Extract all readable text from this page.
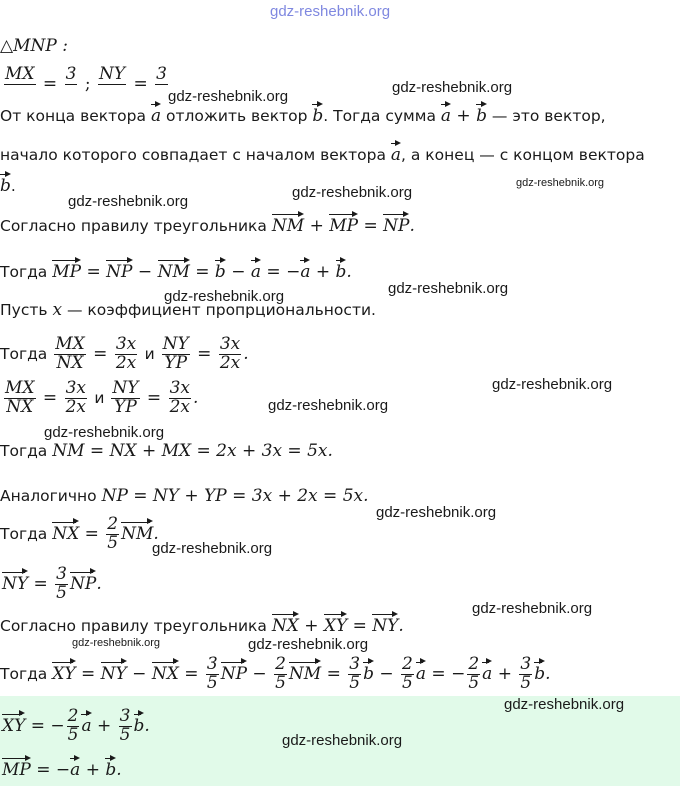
gdz-reshebnik.org
△MNP :
MX = 3 ; NY = 3
От конца вектора a отложить вектор b. Тогда сумма a + b — это вектор,
начало которого совпадает с началом вектора a, а конец — с концом вектора
b.
Согласно правилу треугольника NM + MP = NP.
Тогда MP = NP − NM = b − a = −a + b.
Пусть x — коэффициент пропрциональности.
Тогда $\frac{MX}{NX} = \frac{3x}{2x}$ и $\frac{NY}{YP} = \frac{3x}{2x}$ .
$\frac{MX}{NX} = \frac{3x}{2x}$ и $\frac{NY}{YP} = \frac{3x}{2x}$ .
Тогда NM = NX + MX = 2x + 3x = 5x.
Аналогично NP = NY + YP = 3x + 2x = 5x.
Тогда NX = $\frac{2}{5}$ NM.
NY = $\frac{3}{5}$ NP.
Согласно правилу треугольника NX + XY = NY.
Тогда XY = NY − NX = $\frac{3}{5}$ NP − $\frac{2}{5}$ NM = $\frac{3}{5}$ $b - \frac{2}{5}$ a = − $\frac{2}{5}$ $a + \frac{3}{5} b$.
XY = − $\frac{2}{5}$ $a + \frac{3}{5} b$.
MP = −a + b.
gdz-reshebnik.org
gdz-reshebnik.org
gdz-reshebnik.org
gdz-reshebnik.org
gdz-reshebnik.org
gdz-reshebnik.org
gdz-reshebnik.org
gdz-reshebnik.org
gdz-reshebnik.org
gdz-reshebnik.org
gdz-reshebnik.org
gdz-reshebnik.org
gdz-reshebnik.org
gdz-reshebnik.org	gdz-reshebnik.org
gdz-reshebnik.org
gdz-reshebnik.org
